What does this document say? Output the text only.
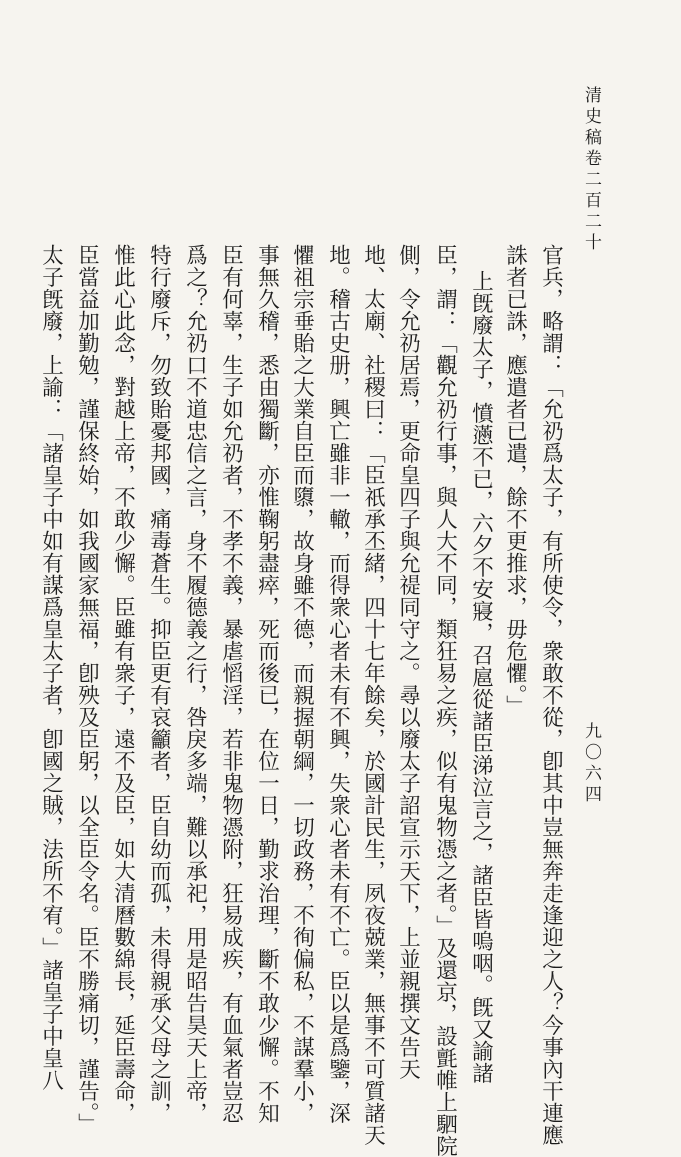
清史稿卷二百二十
九〇六四
官兵，略謂：「允礽爲太子，有所使令，衆敢不從，卽其中豈無奔走逢迎之人？今事內干連應
誅者已誅，應遣者已遣，餘不更推求，毋危懼。」
上旣廢太子，憤懣不已，六夕不安寢，召扈從諸臣涕泣言之，諸臣皆嗚咽。旣又諭諸
臣，謂：「觀允礽行事，與人大不同，類狂易之疾，似有鬼物憑之者。」及還京，設氈帷上駟院
側，令允礽居焉，更命皇四子與允禔同守之。尋以廢太子詔宣示天下，上並親撰文告天
地、太廟、社稷曰：「臣祇承丕緒，四十七年餘矣，於國計民生，夙夜兢業，無事不可質諸天
地。稽古史册，興亡雖非一轍，而得衆心者未有不興，失衆心者未有不亡。臣以是爲鑒，深
懼祖宗垂貽之大業自臣而隳，故身雖不德，而親握朝綱，一切政務，不徇偏私，不謀羣小，
事無久稽，悉由獨斷，亦惟鞠躬盡瘁，死而後已，在位一日，勤求治理，斷不敢少懈。不知
臣有何辜，生子如允礽者，不孝不義，暴虐慆淫，若非鬼物憑附，狂易成疾，有血氣者豈忍
爲之？允礽口不道忠信之言，身不履德義之行，咎戾多端，難以承祀，用是昭告昊天上帝，
特行廢斥，勿致貽憂邦國，痛毒蒼生。抑臣更有哀籲者，臣自幼而孤，未得親承父母之訓，
惟此心此念，對越上帝，不敢少懈。臣雖有衆子，遠不及臣，如大清曆數綿長，延臣壽命，
臣當益加勤勉，謹保終始，如我國家無福，卽殃及臣躬，以全臣令名。臣不勝痛切，謹告。」
太子旣廢，上諭：「諸皇子中如有謀爲皇太子者，卽國之賊，法所不宥。」諸皇子中皇八
